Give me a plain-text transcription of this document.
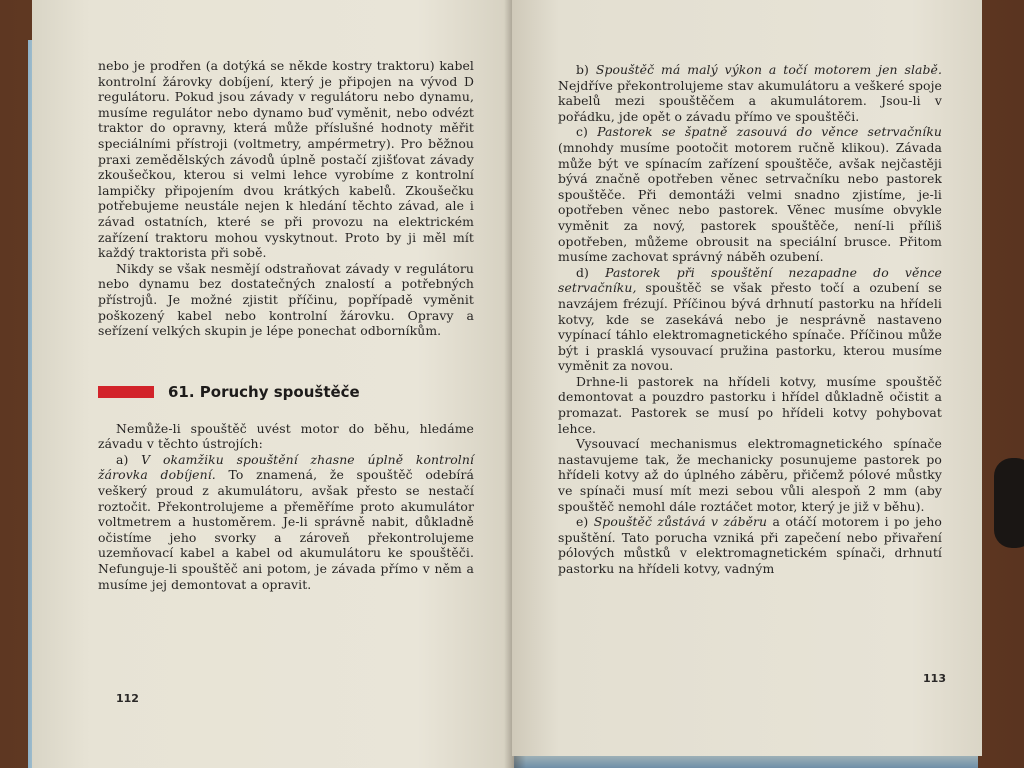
nebo je prodřen (a dotýká se někde kostry traktoru) kabel kontrolní žárovky dobíjení, který je připojen na vývod D regulátoru. Pokud jsou závady v regulátoru nebo dynamu, musíme regulátor nebo dynamo buď vyměnit, nebo odvézt traktor do opravny, která může příslušné hodnoty měřit speciálními přístroji (voltmetry, ampérmetry). Pro běžnou praxi zemědělských závodů úplně postačí zjišťovat závady zkoušečkou, kterou si velmi lehce vyrobíme z kontrolní lampičky připojením dvou krátkých kabelů. Zkoušečku potřebujeme neustále nejen k hledání těchto závad, ale i závad ostatních, které se při provozu na elektrickém zařízení traktoru mohou vyskytnout. Proto by ji měl mít každý traktorista při sobě.

Nikdy se však nesmějí odstraňovat závady v regulátoru nebo dynamu bez dostatečných znalostí a potřebných přístrojů. Je možné zjistit příčinu, popřípadě vyměnit poškozený kabel nebo kontrolní žárovku. Opravy a seřízení velkých skupin je lépe ponechat odborníkům.

61. Poruchy spouštěče

Nemůže-li spouštěč uvést motor do běhu, hledáme závadu v těchto ústrojích:

a) V okamžiku spouštění zhasne úplně kontrolní žárovka dobíjení. To znamená, že spouštěč odebírá veškerý proud z akumulátoru, avšak přesto se nestačí roztočit. Překontrolujeme a přeměříme proto akumulátor voltmetrem a hustoměrem. Je-li správně nabit, důkladně očistíme jeho svorky a zároveň překontrolujeme uzemňovací kabel a kabel od akumulátoru ke spouštěči. Nefunguje-li spouštěč ani potom, je závada přímo v něm a musíme jej demontovat a opravit.

112

b) Spouštěč má malý výkon a točí motorem jen slabě. Nejdříve překontrolujeme stav akumulátoru a veškeré spoje kabelů mezi spouštěčem a akumulátorem. Jsou-li v pořádku, jde opět o závadu přímo ve spouštěči.

c) Pastorek se špatně zasouvá do věnce setrvačníku (mnohdy musíme pootočit motorem ručně klikou). Závada může být ve spínacím zařízení spouštěče, avšak nejčastěji bývá značně opotřeben věnec setrvačníku nebo pastorek spouštěče. Při demontáži velmi snadno zjistíme, je-li opotřeben věnec nebo pastorek. Věnec musíme obvykle vyměnit za nový, pastorek spouštěče, není-li příliš opotřeben, můžeme obrousit na speciální brusce. Přitom musíme zachovat správný náběh ozubení.

d) Pastorek při spouštění nezapadne do věnce setrvačníku, spouštěč se však přesto točí a ozubení se navzájem frézují. Příčinou bývá drhnutí pastorku na hřídeli kotvy, kde se zasekává nebo je nesprávně nastaveno vypínací táhlo elektromagnetického spínače. Příčinou může být i prasklá vysouvací pružina pastorku, kterou musíme vyměnit za novou.

Drhne-li pastorek na hřídeli kotvy, musíme spouštěč demontovat a pouzdro pastorku i hřídel důkladně očistit a promazat. Pastorek se musí po hřídeli kotvy pohybovat lehce.

Vysouvací mechanismus elektromagnetického spínače nastavujeme tak, že mechanicky posunujeme pastorek po hřídeli kotvy až do úplného záběru, přičemž pólové můstky ve spínači musí mít mezi sebou vůli alespoň 2 mm (aby spouštěč nemohl dále roztáčet motor, který je již v běhu).

e) Spouštěč zůstává v záběru a otáčí motorem i po jeho spuštění. Tato porucha vzniká při zapečení nebo přivaření pólových můstků v elektromagnetickém spínači, drhnutí pastorku na hřídeli kotvy, vadným

113
